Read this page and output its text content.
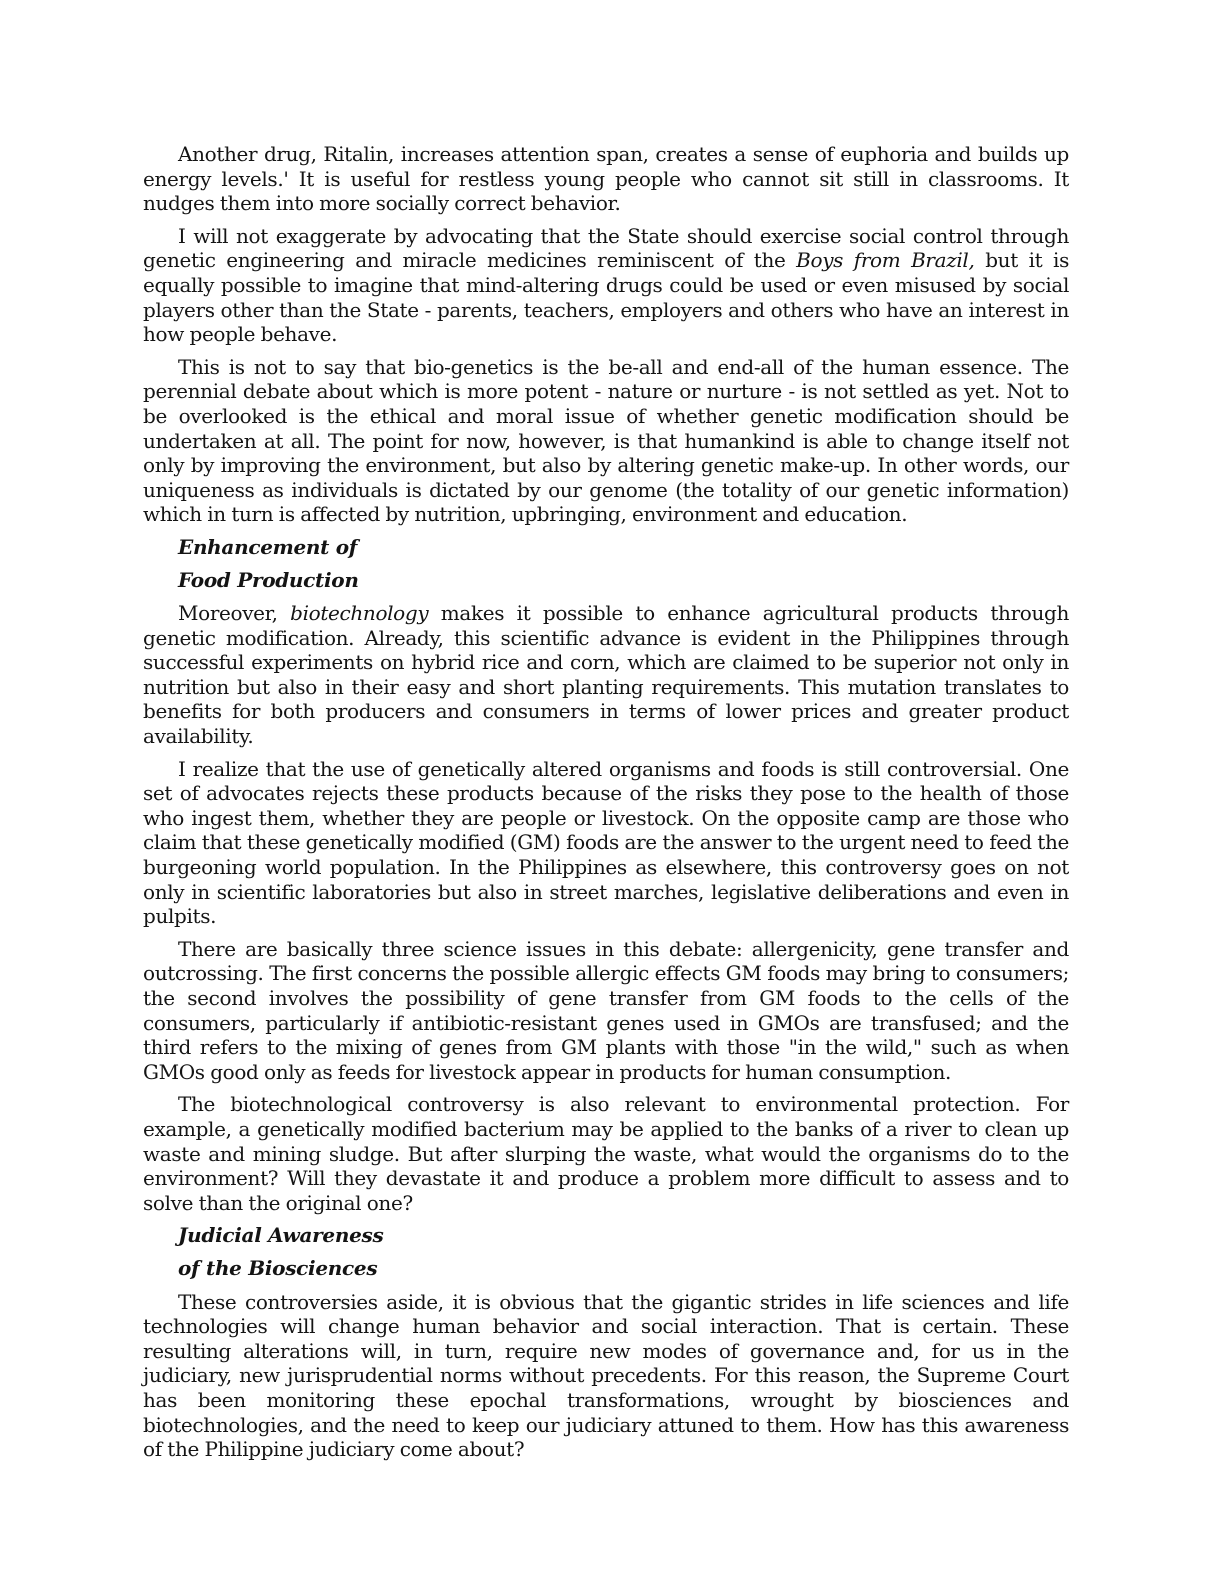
Another drug, Ritalin, increases attention span, creates a sense of euphoria and builds up energy levels.' It is useful for restless young people who cannot sit still in classrooms. It nudges them into more socially correct behavior.

I will not exaggerate by advocating that the State should exercise social control through genetic engineering and miracle medicines reminiscent of the Boys from Brazil, but it is equally possible to imagine that mind-altering drugs could be used or even misused by social players other than the State - parents, teachers, employers and others who have an interest in how people behave.

This is not to say that bio-genetics is the be-all and end-all of the human essence. The perennial debate about which is more potent - nature or nurture - is not settled as yet. Not to be overlooked is the ethical and moral issue of whether genetic modification should be undertaken at all. The point for now, however, is that humankind is able to change itself not only by improving the environment, but also by altering genetic make-up. In other words, our uniqueness as individuals is dictated by our genome (the totality of our genetic information) which in turn is affected by nutrition, upbringing, environment and education.

Enhancement of

Food Production

Moreover, biotechnology makes it possible to enhance agricultural products through genetic modification. Already, this scientific advance is evident in the Philippines through successful experiments on hybrid rice and corn, which are claimed to be superior not only in nutrition but also in their easy and short planting requirements. This mutation translates to benefits for both producers and consumers in terms of lower prices and greater product availability.

I realize that the use of genetically altered organisms and foods is still controversial. One set of advocates rejects these products because of the risks they pose to the health of those who ingest them, whether they are people or livestock. On the opposite camp are those who claim that these genetically modified (GM) foods are the answer to the urgent need to feed the burgeoning world population. In the Philippines as elsewhere, this controversy goes on not only in scientific laboratories but also in street marches, legislative deliberations and even in pulpits.

There are basically three science issues in this debate: allergenicity, gene transfer and outcrossing. The first concerns the possible allergic effects GM foods may bring to consumers; the second involves the possibility of gene transfer from GM foods to the cells of the consumers, particularly if antibiotic-resistant genes used in GMOs are transfused; and the third refers to the mixing of genes from GM plants with those "in the wild," such as when GMOs good only as feeds for livestock appear in products for human consumption.

The biotechnological controversy is also relevant to environmental protection. For example, a genetically modified bacterium may be applied to the banks of a river to clean up waste and mining sludge. But after slurping the waste, what would the organisms do to the environment? Will they devastate it and produce a problem more difficult to assess and to solve than the original one?

Judicial Awareness

of the Biosciences

These controversies aside, it is obvious that the gigantic strides in life sciences and life technologies will change human behavior and social interaction. That is certain. These resulting alterations will, in turn, require new modes of governance and, for us in the judiciary, new jurisprudential norms without precedents. For this reason, the Supreme Court has been monitoring these epochal transformations, wrought by biosciences and biotechnologies, and the need to keep our judiciary attuned to them. How has this awareness of the Philippine judiciary come about?
